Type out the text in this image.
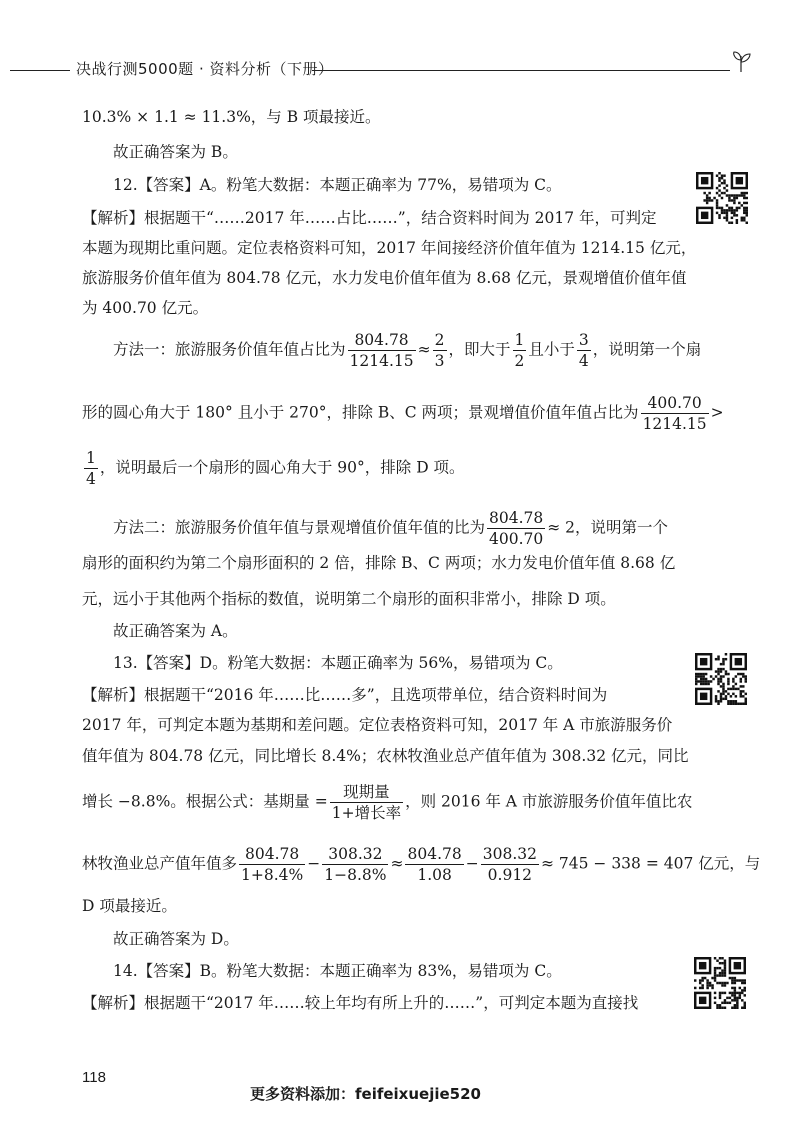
决战行测5000题 · 资料分析（下册）
10.3% × 1.1 ≈ 11.3%，与 B 项最接近。
故正确答案为 B。
12.【答案】A。粉笔大数据：本题正确率为 77%，易错项为 C。
【解析】根据题干“……2017 年……占比……”，结合资料时间为 2017 年，可判定
本题为现期比重问题。定位表格资料可知，2017 年间接经济价值年值为 1214.15 亿元，
旅游服务价值年值为 804.78 亿元，水力发电价值年值为 8.68 亿元，景观增值价值年值
为 400.70 亿元。
方法一：旅游服务价值年值占比为 $\frac{804.78}{1214.15} \approx \frac{2}{3}$ ，即大于 $\frac{1}{2}$ 且小于 $\frac{3}{4}$ ，说明第一个扇
形的圆心角大于 180° 且小于 270°，排除 B、C 两项；景观增值价值年值占比为 $\frac{400.70}{1214.15}$ >
$\frac{1}{4}$ ，说明最后一个扇形的圆心角大于 90°，排除 D 项。
方法二：旅游服务价值年值与景观增值价值年值的比为 $\frac{804.78}{400.70} \approx 2$，说明第一个
扇形的面积约为第二个扇形面积的 2 倍，排除 B、C 两项；水力发电价值年值 8.68 亿
元，远小于其他两个指标的数值，说明第二个扇形的面积非常小，排除 D 项。
故正确答案为 A。
13.【答案】D。粉笔大数据：本题正确率为 56%，易错项为 C。
【解析】根据题干“2016 年……比……多”，且选项带单位，结合资料时间为
2017 年，可判定本题为基期和差问题。定位表格资料可知，2017 年 A 市旅游服务价
值年值为 804.78 亿元，同比增长 8.4%；农林牧渔业总产值年值为 308.32 亿元，同比
增长 −8.8%。根据公式：基期量 = $\frac{\text{现期量}}{\text{1+增长率}}$ ，则 2016 年 A 市旅游服务价值年值比农
林牧渔业总产值年值多 $\frac{804.78}{1+8.4\%} - \frac{308.32}{1-8.8\%} \approx \frac{804.78}{1.08} - \frac{308.32}{0.912} \approx 745 - 338 = 407$ 亿元，与
D 项最接近。
故正确答案为 D。
14.【答案】B。粉笔大数据：本题正确率为 83%，易错项为 C。
【解析】根据题干“2017 年……较上年均有所上升的……”，可判定本题为直接找
118
更多资料添加：feifeixuejie520
